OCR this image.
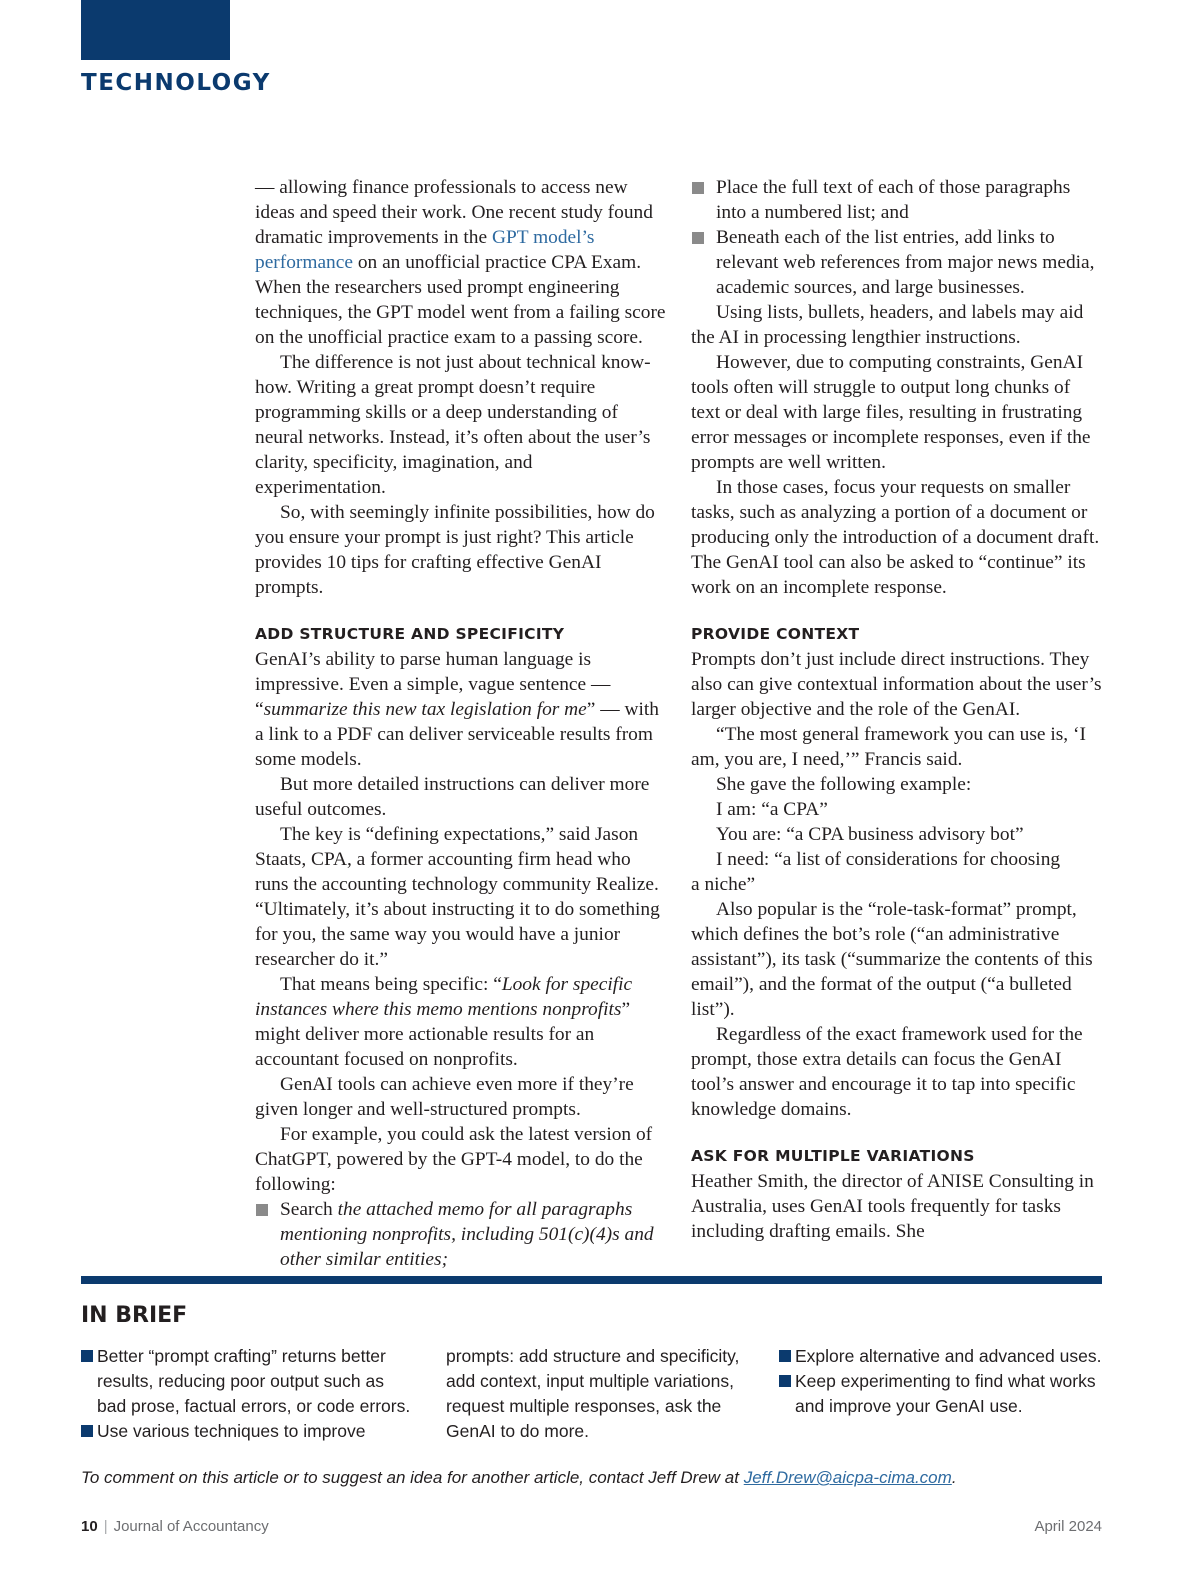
TECHNOLOGY

— allowing finance professionals to access new ideas and speed their work. One recent study found dramatic improvements in the GPT model’s performance on an unofficial practice CPA Exam. When the researchers used prompt engineering techniques, the GPT model went from a failing score on the unofficial practice exam to a passing score.

The difference is not just about technical know-how. Writing a great prompt doesn’t require programming skills or a deep understanding of neural networks. Instead, it’s often about the user’s clarity, specificity, imagination, and experimentation.

So, with seemingly infinite possibilities, how do you ensure your prompt is just right? This article provides 10 tips for crafting effective GenAI prompts.

ADD STRUCTURE AND SPECIFICITY

GenAI’s ability to parse human language is impressive. Even a simple, vague sentence — “summarize this new tax legislation for me” — with a link to a PDF can deliver serviceable results from some models.

But more detailed instructions can deliver more useful outcomes.

The key is “defining expectations,” said Jason Staats, CPA, a former accounting firm head who runs the accounting technology community Realize. “Ultimately, it’s about instructing it to do something for you, the same way you would have a junior researcher do it.”

That means being specific: “Look for specific instances where this memo mentions nonprofits” might deliver more actionable results for an accountant focused on nonprofits.

GenAI tools can achieve even more if they’re given longer and well-structured prompts.

For example, you could ask the latest version of ChatGPT, powered by the GPT-4 model, to do the following:

Search the attached memo for all paragraphs mentioning nonprofits, including 501(c)(4)s and other similar entities;
Place the full text of each of those paragraphs into a numbered list; and
Beneath each of the list entries, add links to relevant web references from major news media, academic sources, and large businesses.

Using lists, bullets, headers, and labels may aid the AI in processing lengthier instructions.

However, due to computing constraints, GenAI tools often will struggle to output long chunks of text or deal with large files, resulting in frustrating error messages or incomplete responses, even if the prompts are well written.

In those cases, focus your requests on smaller tasks, such as analyzing a portion of a document or producing only the introduction of a document draft. The GenAI tool can also be asked to “continue” its work on an incomplete response.

PROVIDE CONTEXT

Prompts don’t just include direct instructions. They also can give contextual information about the user’s larger objective and the role of the GenAI.

“The most general framework you can use is, ‘I am, you are, I need,’” Francis said.

She gave the following example:

I am: “a CPA”

You are: “a CPA business advisory bot”

I need: “a list of considerations for choosing

a niche”

Also popular is the “role-task-format” prompt, which defines the bot’s role (“an administrative assistant”), its task (“summarize the contents of this email”), and the format of the output (“a bulleted list”).

Regardless of the exact framework used for the prompt, those extra details can focus the GenAI tool’s answer and encourage it to tap into specific knowledge domains.

ASK FOR MULTIPLE VARIATIONS

Heather Smith, the director of ANISE Consulting in Australia, uses GenAI tools frequently for tasks including drafting emails. She

IN BRIEF
Better “prompt crafting” returns better results, reducing poor output such as bad prose, factual errors, or code errors.
Use various techniques to improve

prompts: add structure and specificity, add context, input multiple variations, request multiple responses, ask the GenAI to do more.

Explore alternative and advanced uses.
Keep experimenting to find what works and improve your GenAI use.

To comment on this article or to suggest an idea for another article, contact Jeff Drew at Jeff.Drew@aicpa-cima.com.

10 | Journal of Accountancy	April 2024
